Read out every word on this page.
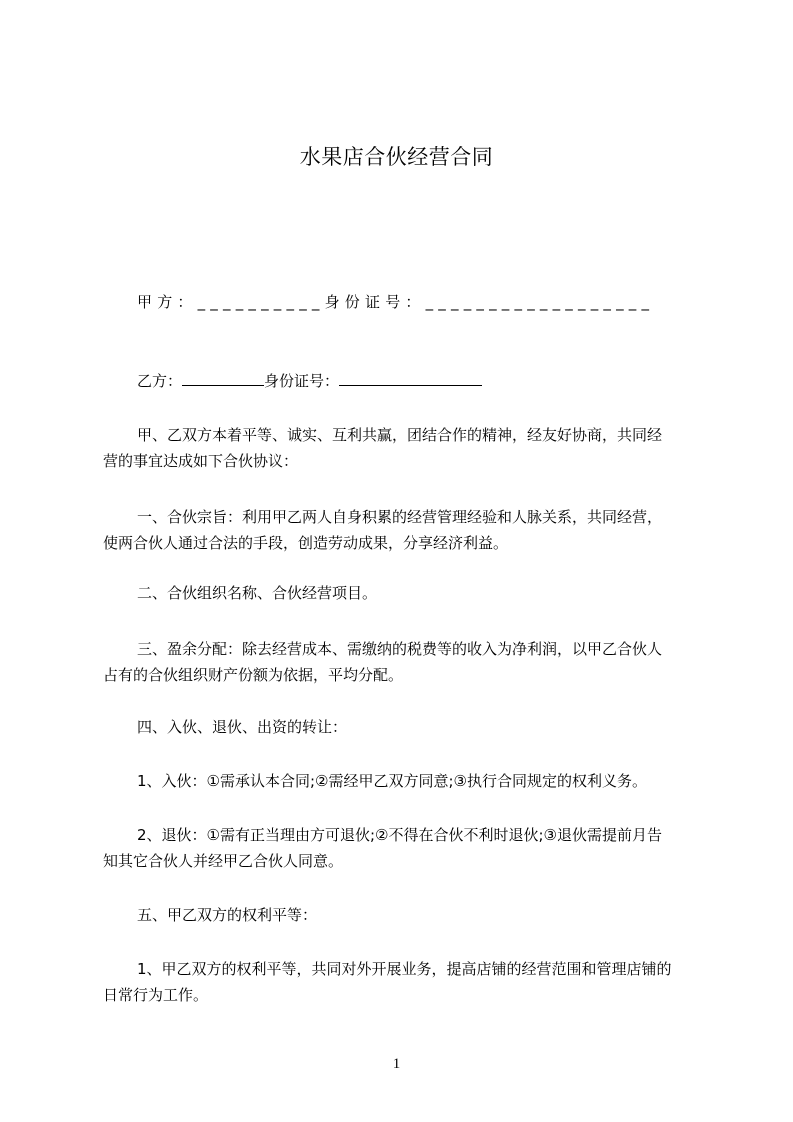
水果店合伙经营合同
甲方：__________身份证号：__________________
乙方：	身份证号：
甲、乙双方本着平等、诚实、互利共赢，团结合作的精神，经友好协商，共同经
营的事宜达成如下合伙协议：
一、合伙宗旨：利用甲乙两人自身积累的经营管理经验和人脉关系，共同经营，
使两合伙人通过合法的手段，创造劳动成果，分享经济利益。
二、合伙组织名称、合伙经营项目。
三、盈余分配：除去经营成本、需缴纳的税费等的收入为净利润，以甲乙合伙人
占有的合伙组织财产份额为依据，平均分配。
四、入伙、退伙、出资的转让：
1、入伙：①需承认本合同;②需经甲乙双方同意;③执行合同规定的权利义务。
2、退伙：①需有正当理由方可退伙;②不得在合伙不利时退伙;③退伙需提前月告
知其它合伙人并经甲乙合伙人同意。
五、甲乙双方的权利平等：
1、甲乙双方的权利平等，共同对外开展业务，提高店铺的经营范围和管理店铺的
日常行为工作。
1
